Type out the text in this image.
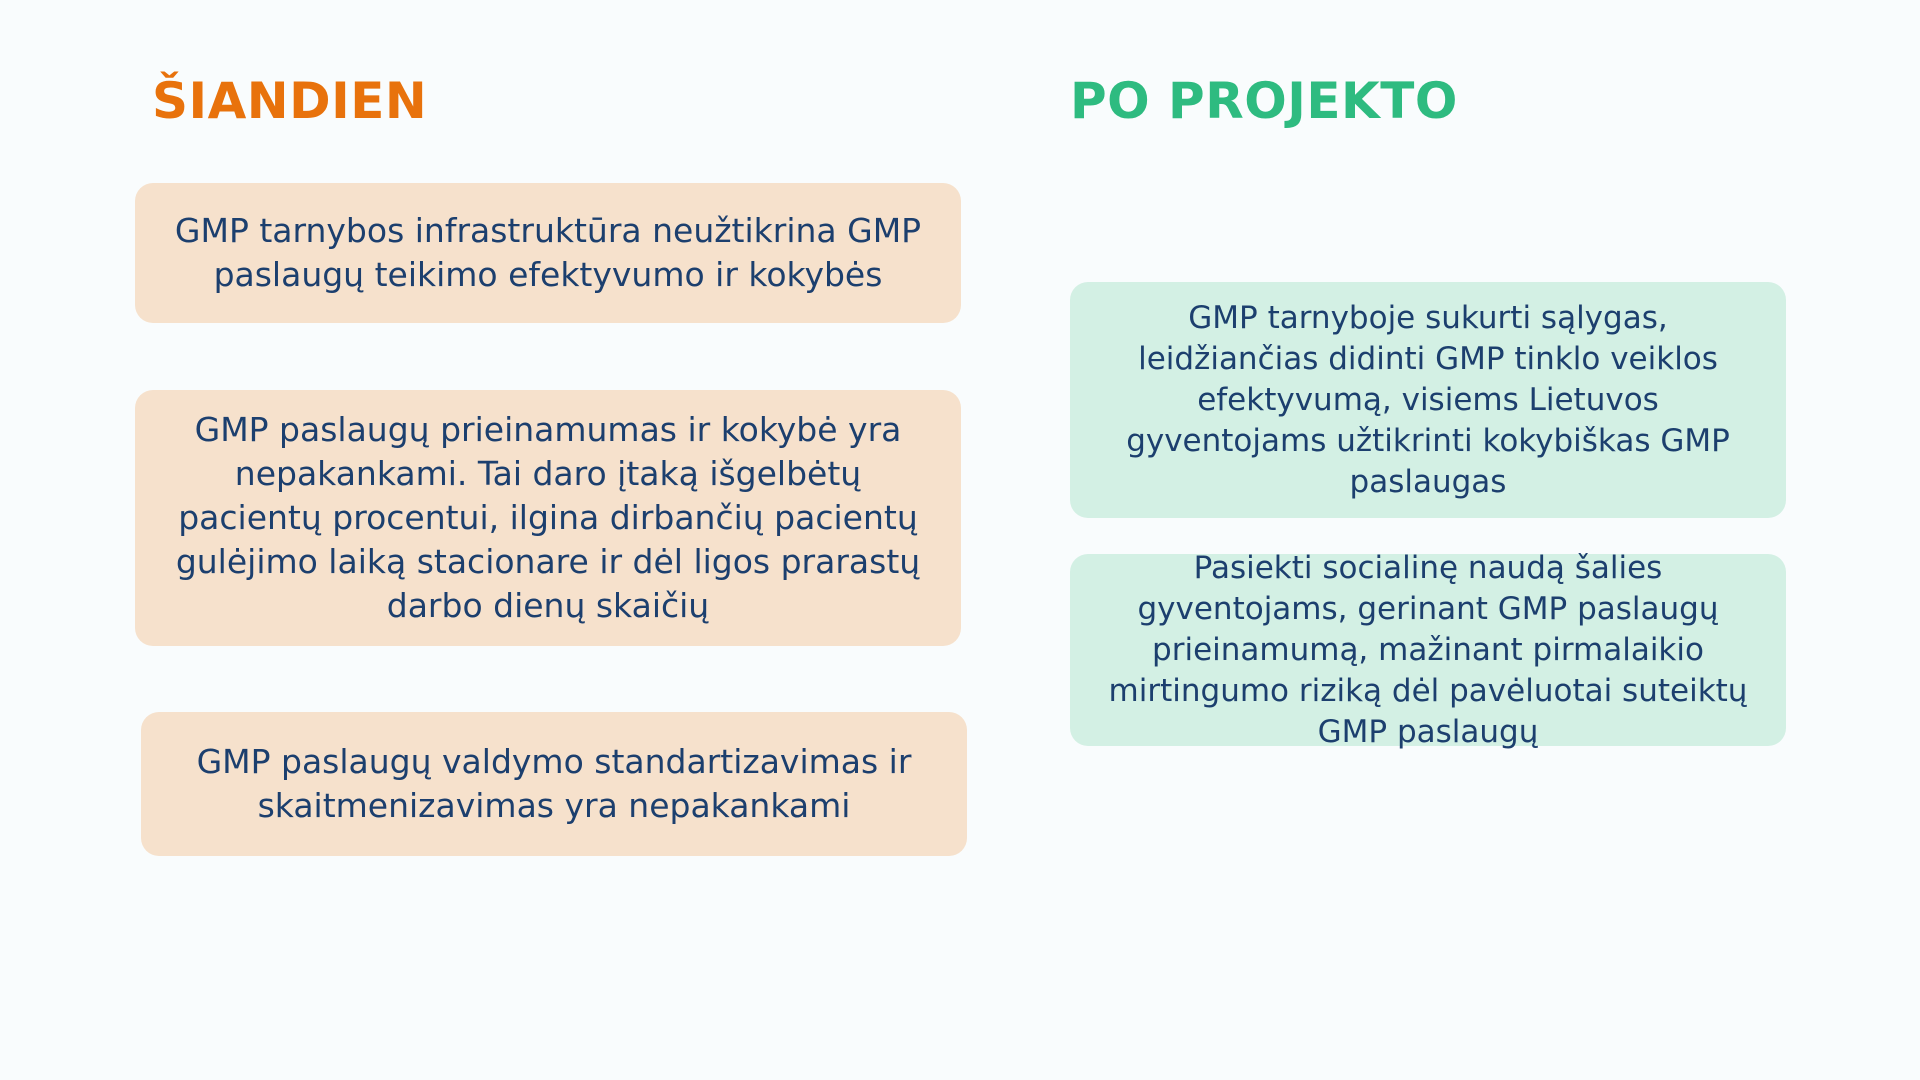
ŠIANDIEN	PO PROJEKTO

GMP tarnybos infrastruktūra neužtikrina GMP paslaugų teikimo efektyvumo ir kokybės

GMP paslaugų prieinamumas ir kokybė yra nepakankami. Tai daro įtaką išgelbėtų pacientų procentui, ilgina dirbančių pacientų gulėjimo laiką stacionare ir dėl ligos prarastų darbo dienų skaičių

GMP paslaugų valdymo standartizavimas ir skaitmenizavimas yra nepakankami

GMP tarnyboje sukurti sąlygas, leidžiančias didinti GMP tinklo veiklos efektyvumą, visiems Lietuvos gyventojams užtikrinti kokybiškas GMP paslaugas

Pasiekti socialinę naudą šalies gyventojams, gerinant GMP paslaugų prieinamumą, mažinant pirmalaikio mirtingumo riziką dėl pavėluotai suteiktų GMP paslaugų
